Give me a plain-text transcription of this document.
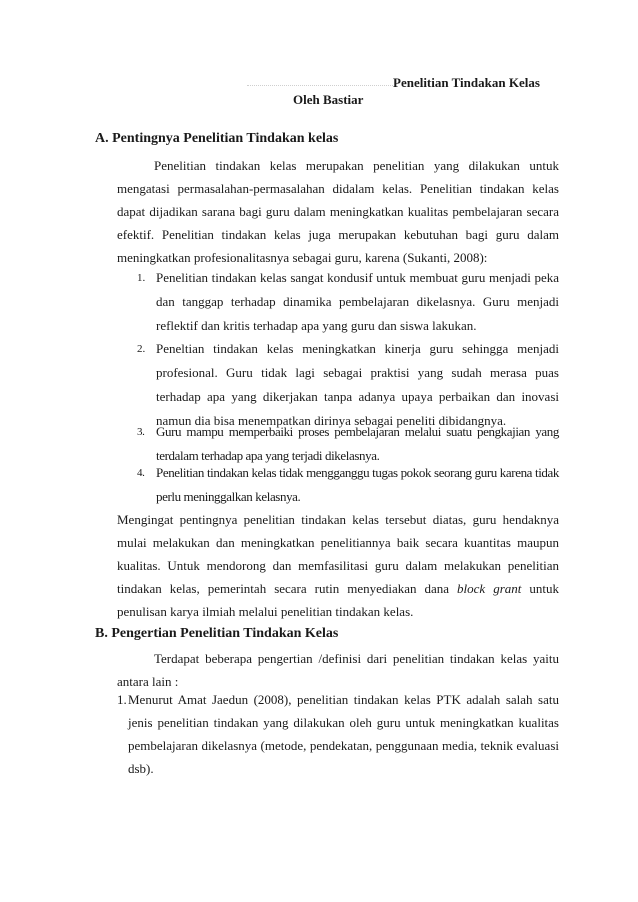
Penelitian Tindakan Kelas
Oleh Bastiar
A. Pentingnya Penelitian Tindakan kelas
Penelitian tindakan kelas merupakan penelitian yang dilakukan untuk mengatasi permasalahan-permasalahan didalam kelas. Penelitian tindakan kelas dapat dijadikan sarana bagi guru dalam meningkatkan kualitas pembelajaran secara efektif. Penelitian tindakan kelas juga merupakan kebutuhan bagi guru dalam meningkatkan profesionalitasnya sebagai guru, karena (Sukanti, 2008):
1. Penelitian tindakan kelas sangat kondusif untuk membuat guru menjadi peka dan tanggap terhadap dinamika pembelajaran dikelasnya. Guru menjadi reflektif dan kritis terhadap apa yang guru dan siswa lakukan.
2. Peneltian tindakan kelas meningkatkan kinerja guru sehingga menjadi profesional. Guru tidak lagi sebagai praktisi yang sudah merasa puas terhadap apa yang dikerjakan tanpa adanya upaya perbaikan dan inovasi namun dia bisa menempatkan dirinya sebagai peneliti dibidangnya.
3. Guru mampu memperbaiki proses pembelajaran melalui suatu pengkajian yang terdalam terhadap apa yang terjadi dikelasnya.
4. Penelitian tindakan kelas tidak mengganggu tugas pokok seorang guru karena tidak perlu meninggalkan kelasnya.
Mengingat pentingnya penelitian tindakan kelas tersebut diatas, guru hendaknya mulai melakukan dan meningkatkan penelitiannya baik secara kuantitas maupun kualitas. Untuk mendorong dan memfasilitasi guru dalam melakukan penelitian tindakan kelas, pemerintah secara rutin menyediakan dana block grant untuk penulisan karya ilmiah melalui penelitian tindakan kelas.
B. Pengertian Penelitian Tindakan Kelas
Terdapat beberapa pengertian /definisi dari penelitian tindakan kelas yaitu antara lain :
1. Menurut Amat Jaedun (2008), penelitian tindakan kelas PTK adalah salah satu jenis penelitian tindakan yang dilakukan oleh guru untuk meningkatkan kualitas pembelajaran dikelasnya (metode, pendekatan, penggunaan media, teknik evaluasi dsb).
